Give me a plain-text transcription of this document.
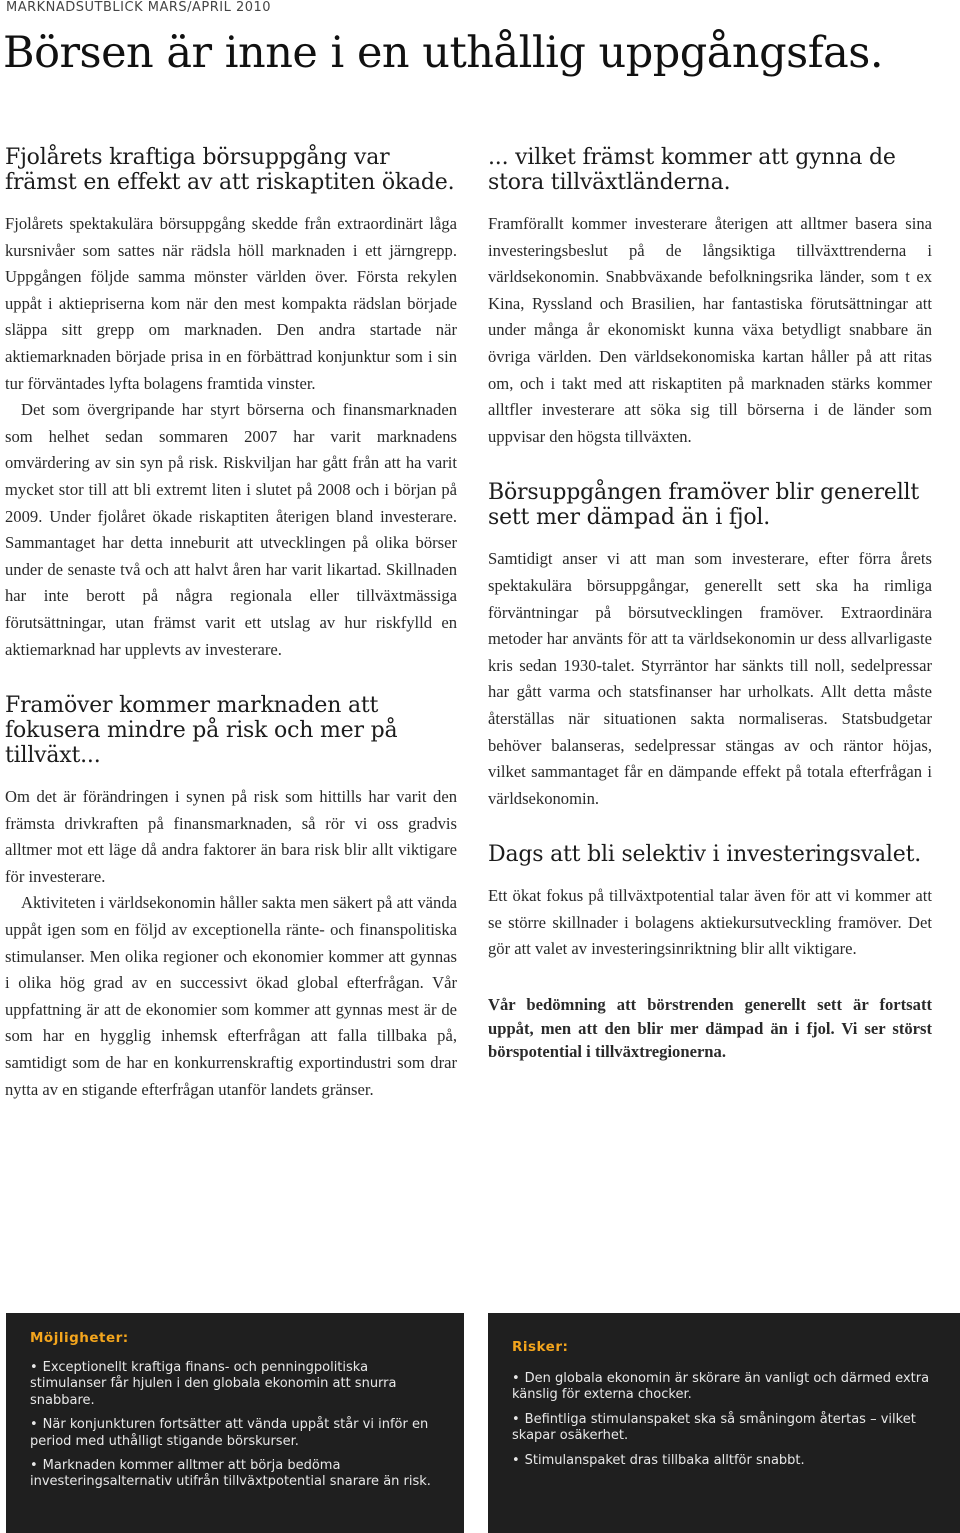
MARKNADSUTBLICK MARS/APRIL 2010
Börsen är inne i en uthållig uppgångsfas.
Fjolårets kraftiga börsuppgång var främst en effekt av att riskaptiten ökade.

Fjolårets spektakulära börsuppgång skedde från extraordinärt låga kursnivåer som sattes när rädsla höll marknaden i ett järngrepp. Uppgången följde samma mönster världen över. Första rekylen uppåt i aktiepriserna kom när den mest kompakta rädslan började släppa sitt grepp om marknaden. Den andra startade när aktiemarknaden började prisa in en förbättrad konjunktur som i sin tur förväntades lyfta bolagens framtida vinster.

Det som övergripande har styrt börserna och finansmarknaden som helhet sedan sommaren 2007 har varit marknadens omvärdering av sin syn på risk. Riskviljan har gått från att ha varit mycket stor till att bli extremt liten i slutet på 2008 och i början på 2009. Under fjolåret ökade riskaptiten återigen bland investerare. Sammantaget har detta inneburit att utvecklingen på olika börser under de senaste två och att halvt åren har varit likartad. Skillnaden har inte berott på några regionala eller tillväxtmässiga förutsättningar, utan främst varit ett utslag av hur riskfylld en aktiemarknad har upplevts av investerare.

Framöver kommer marknaden att fokusera mindre på risk och mer på tillväxt...

Om det är förändringen i synen på risk som hittills har varit den främsta drivkraften på finansmarknaden, så rör vi oss gradvis alltmer mot ett läge då andra faktorer än bara risk blir allt viktigare för investerare.

Aktiviteten i världsekonomin håller sakta men säkert på att vända uppåt igen som en följd av exceptionella ränte- och finanspolitiska stimulanser. Men olika regioner och ekonomier kommer att gynnas i olika hög grad av en successivt ökad global efterfrågan. Vår uppfattning är att de ekonomier som kommer att gynnas mest är de som har en hygglig inhemsk efterfrågan att falla tillbaka på, samtidigt som de har en konkurrenskraftig exportindustri som drar nytta av en stigande efterfrågan utanför landets gränser.

... vilket främst kommer att gynna de stora tillväxtländerna.

Framförallt kommer investerare återigen att alltmer basera sina investeringsbeslut på de långsiktiga tillväxttrenderna i världsekonomin. Snabbväxande befolkningsrika länder, som t ex Kina, Ryssland och Brasilien, har fantastiska förutsättningar att under många år ekonomiskt kunna växa betydligt snabbare än övriga världen. Den världsekonomiska kartan håller på att ritas om, och i takt med att riskaptiten på marknaden stärks kommer alltfler investerare att söka sig till börserna i de länder som uppvisar den högsta tillväxten.

Börsuppgången framöver blir generellt sett mer dämpad än i fjol.

Samtidigt anser vi att man som investerare, efter förra årets spektakulära börsuppgångar, generellt sett ska ha rimliga förväntningar på börsutvecklingen framöver. Extraordinära metoder har använts för att ta världsekonomin ur dess allvarligaste kris sedan 1930-talet. Styrräntor har sänkts till noll, sedelpressar har gått varma och statsfinanser har urholkats. Allt detta måste återställas när situationen sakta normaliseras. Statsbudgetar behöver balanseras, sedelpressar stängas av och räntor höjas, vilket sammantaget får en dämpande effekt på totala efterfrågan i världsekonomin.

Dags att bli selektiv i investeringsvalet.

Ett ökat fokus på tillväxtpotential talar även för att vi kommer att se större skillnader i bolagens aktiekursutveckling framöver. Det gör att valet av investeringsinriktning blir allt viktigare.

Vår bedömning att börstrenden generellt sett är fortsatt uppåt, men att den blir mer dämpad än i fjol. Vi ser störst börspotential i tillväxtregionerna.

Möjligheter:
• Exceptionellt kraftiga finans- och penningpolitiska stimulanser får hjulen i den globala ekonomin att snurra snabbare.
• När konjunkturen fortsätter att vända uppåt står vi inför en period med uthålligt stigande börskurser.
• Marknaden kommer alltmer att börja bedöma investeringsalternativ utifrån tillväxtpotential snarare än risk.
Risker:
• Den globala ekonomin är skörare än vanligt och därmed extra känslig för externa chocker.
• Befintliga stimulanspaket ska så småningom återtas – vilket skapar osäkerhet.
• Stimulanspaket dras tillbaka alltför snabbt.
